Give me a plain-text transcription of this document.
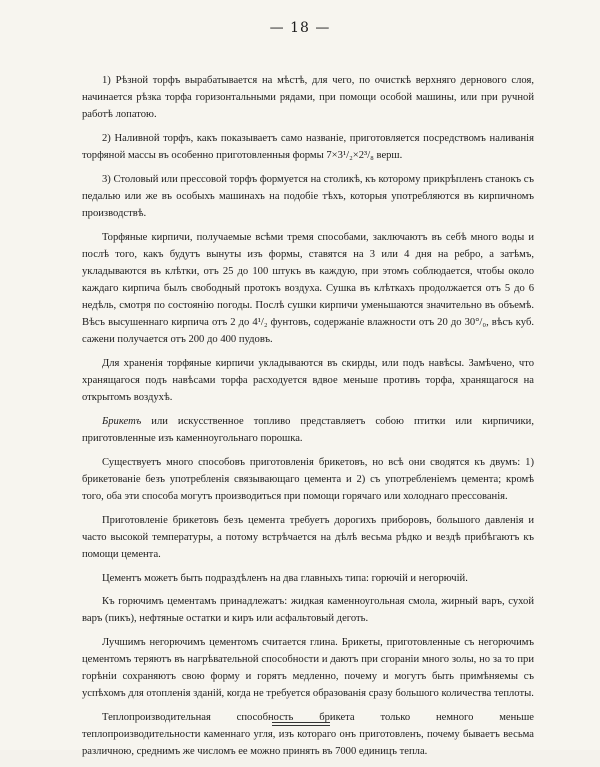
— 18 —

1) Рѣзной торфъ вырабатывается на мѣстѣ, для чего, по очисткѣ верхняго дернового слоя, начинается рѣзка торфа горизонтальными рядами, при помощи особой машины, или при ручной работѣ лопатою.

2) Наливной торфъ, какъ показываетъ само названіе, приготовляется посредствомъ наливанія торфяной массы въ особенно приготовленныя формы 7×3¹/₂×2³/₈ верш.

3) Столовый или прессовой торфъ формуется на столикѣ, къ которому прикрѣпленъ станокъ съ педалью или же въ особыхъ машинахъ на подобіе тѣхъ, которыя употребляются въ кирпичномъ производствѣ.

Торфяные кирпичи, получаемые всѣми тремя способами, заключаютъ въ себѣ много воды и послѣ того, какъ будутъ вынуты изъ формы, ставятся на 3 или 4 дня на ребро, а затѣмъ, укладываются въ клѣтки, отъ 25 до 100 штукъ въ каждую, при этомъ соблюдается, чтобы около каждаго кирпича былъ свободный протокъ воздуха. Сушка въ клѣткахъ продолжается отъ 5 до 6 недѣль, смотря по состоянію погоды. Послѣ сушки кирпичи уменьшаются значительно въ объемѣ. Вѣсъ высушеннаго кирпича отъ 2 до 4¹/₂ фунтовъ, содержаніе влажности отъ 20 до 30°/₀, вѣсъ куб. сажени получается отъ 200 до 400 пудовъ.

Для храненія торфяные кирпичи укладываются въ скирды, или подъ навѣсы. Замѣчено, что хранящагося подъ навѣсами торфа расходуется вдвое меньше противъ торфа, хранящагося на открытомъ воздухѣ.

Брикетъ или искусственное топливо представляетъ собою птитки или кирпичики, приготовленные изъ каменноугольнаго порошка.

Существуетъ много способовъ приготовленія брикетовъ, но всѣ они сводятся къ двумъ: 1) брикетованіе безъ употребленія связывающаго цемента и 2) съ употребленіемъ цемента; кромѣ того, оба эти способа могутъ производиться при помощи горячаго или холоднаго прессованія.

Приготовленіе брикетовъ безъ цемента требуетъ дорогихъ приборовъ, большого давленія и часто высокой температуры, а потому встрѣчается на дѣлѣ весьма рѣдко и вездѣ прибѣгаютъ къ помощи цемента.

Цементъ можетъ быть подраздѣленъ на два главныхъ типа: горючій и негорючій.

Къ горючимъ цементамъ принадлежатъ: жидкая каменноугольная смола, жирный варъ, сухой варъ (пикъ), нефтяные остатки и киръ или асфальтовый деготь.

Лучшимъ негорючимъ цементомъ считается глина. Брикеты, приготовленные съ негорючимъ цементомъ теряютъ въ нагрѣвательной способности и даютъ при сгораніи много золы, но за то при горѣніи сохраняютъ свою форму и горятъ медленно, почему и могутъ быть примѣняемы съ успѣхомъ для отопленія зданій, когда не требуется образованія сразу большого количества теплоты.

Теплопроизводительная способность брикета только немного меньше теплопроизводительности каменнаго угля, изъ котораго онъ приготовленъ, почему бываетъ весьма различною, среднимъ же числомъ ее можно принять въ 7000 единицъ тепла.
